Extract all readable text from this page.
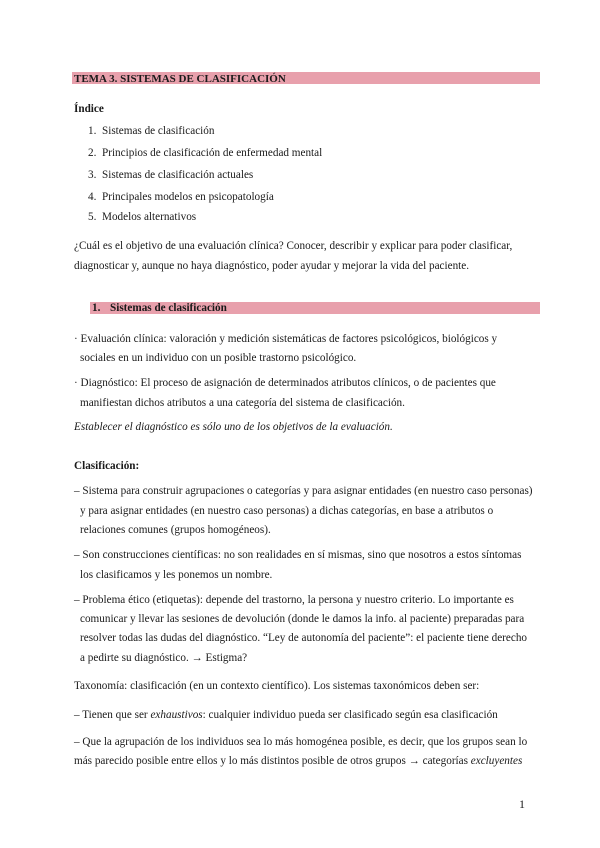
TEMA 3. SISTEMAS DE CLASIFICACIÓN
Índice
1. Sistemas de clasificación
2. Principios de clasificación de enfermedad mental
3. Sistemas de clasificación actuales
4. Principales modelos en psicopatología
5. Modelos alternativos
¿Cuál es el objetivo de una evaluación clínica? Conocer, describir y explicar para poder clasificar,
diagnosticar y, aunque no haya diagnóstico, poder ayudar y mejorar la vida del paciente.
1. Sistemas de clasificación
· Evaluación clínica: valoración y medición sistemáticas de factores psicológicos, biológicos y
sociales en un individuo con un posible trastorno psicológico.
· Diagnóstico: El proceso de asignación de determinados atributos clínicos, o de pacientes que
manifiestan dichos atributos a una categoría del sistema de clasificación.
Establecer el diagnóstico es sólo uno de los objetivos de la evaluación.
Clasificación:
– Sistema para construir agrupaciones o categorías y para asignar entidades (en nuestro caso personas)
y para asignar entidades (en nuestro caso personas) a dichas categorías, en base a atributos o
relaciones comunes (grupos homogéneos).
– Son construcciones científicas: no son realidades en sí mismas, sino que nosotros a estos síntomas
los clasificamos y les ponemos un nombre.
– Problema ético (etiquetas): depende del trastorno, la persona y nuestro criterio. Lo importante es
comunicar y llevar las sesiones de devolución (donde le damos la info. al paciente) preparadas para
resolver todas las dudas del diagnóstico. “Ley de autonomía del paciente”: el paciente tiene derecho
a pedirte su diagnóstico. → Estigma?
Taxonomía: clasificación (en un contexto científico). Los sistemas taxonómicos deben ser:
– Tienen que ser exhaustivos: cualquier individuo pueda ser clasificado según esa clasificación
– Que la agrupación de los individuos sea lo más homogénea posible, es decir, que los grupos sean lo
más parecido posible entre ellos y lo más distintos posible de otros grupos → categorías excluyentes
1
